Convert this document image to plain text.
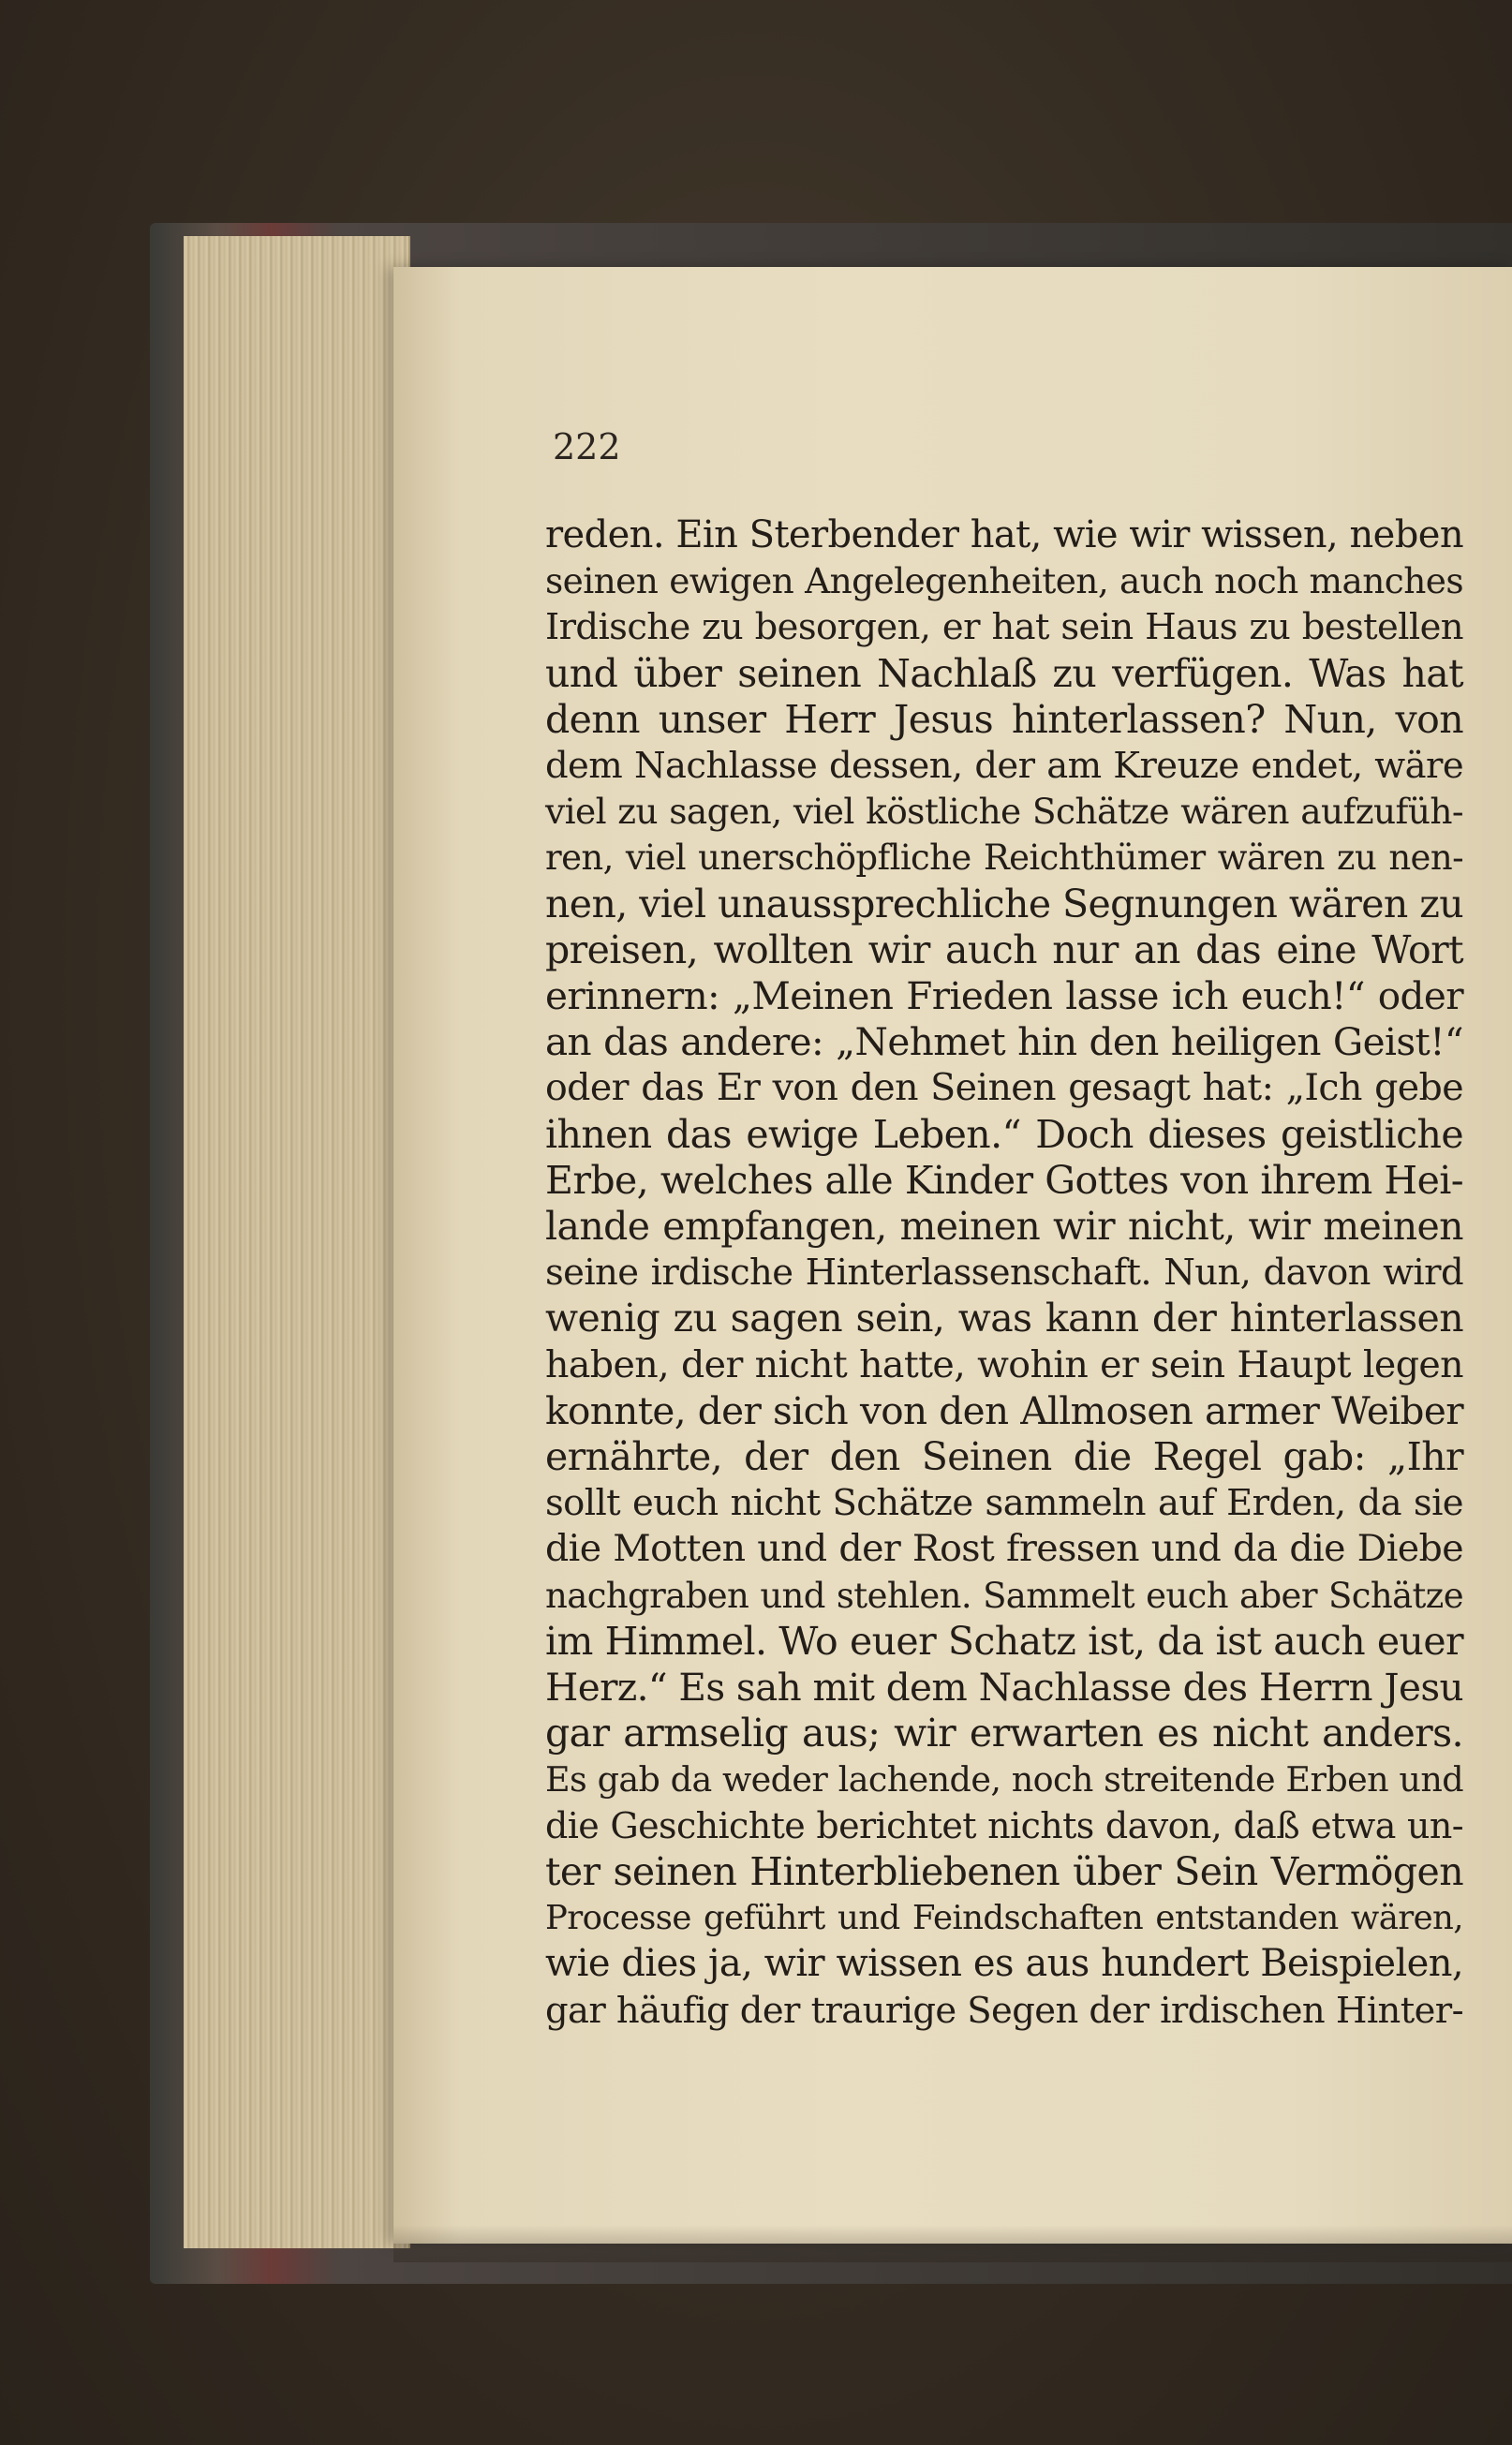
222
reden. Ein Sterbender hat, wie wir wissen, neben
seinen ewigen Angelegenheiten, auch noch manches
Irdische zu besorgen, er hat sein Haus zu bestellen
und über seinen Nachlaß zu verfügen. Was hat
denn unser Herr Jesus hinterlassen? Nun, von
dem Nachlasse dessen, der am Kreuze endet, wäre
viel zu sagen, viel köstliche Schätze wären aufzufüh-
ren, viel unerschöpfliche Reichthümer wären zu nen-
nen, viel unaussprechliche Segnungen wären zu
preisen, wollten wir auch nur an das eine Wort
erinnern: „Meinen Frieden lasse ich euch!“ oder
an das andere: „Nehmet hin den heiligen Geist!“
oder das Er von den Seinen gesagt hat: „Ich gebe
ihnen das ewige Leben.“ Doch dieses geistliche
Erbe, welches alle Kinder Gottes von ihrem Hei-
lande empfangen, meinen wir nicht, wir meinen
seine irdische Hinterlassenschaft. Nun, davon wird
wenig zu sagen sein, was kann der hinterlassen
haben, der nicht hatte, wohin er sein Haupt legen
konnte, der sich von den Allmosen armer Weiber
ernährte, der den Seinen die Regel gab: „Ihr
sollt euch nicht Schätze sammeln auf Erden, da sie
die Motten und der Rost fressen und da die Diebe
nachgraben und stehlen. Sammelt euch aber Schätze
im Himmel. Wo euer Schatz ist, da ist auch euer
Herz.“ Es sah mit dem Nachlasse des Herrn Jesu
gar armselig aus; wir erwarten es nicht anders.
Es gab da weder lachende, noch streitende Erben und
die Geschichte berichtet nichts davon, daß etwa un-
ter seinen Hinterbliebenen über Sein Vermögen
Processe geführt und Feindschaften entstanden wären,
wie dies ja, wir wissen es aus hundert Beispielen,
gar häufig der traurige Segen der irdischen Hinter-
